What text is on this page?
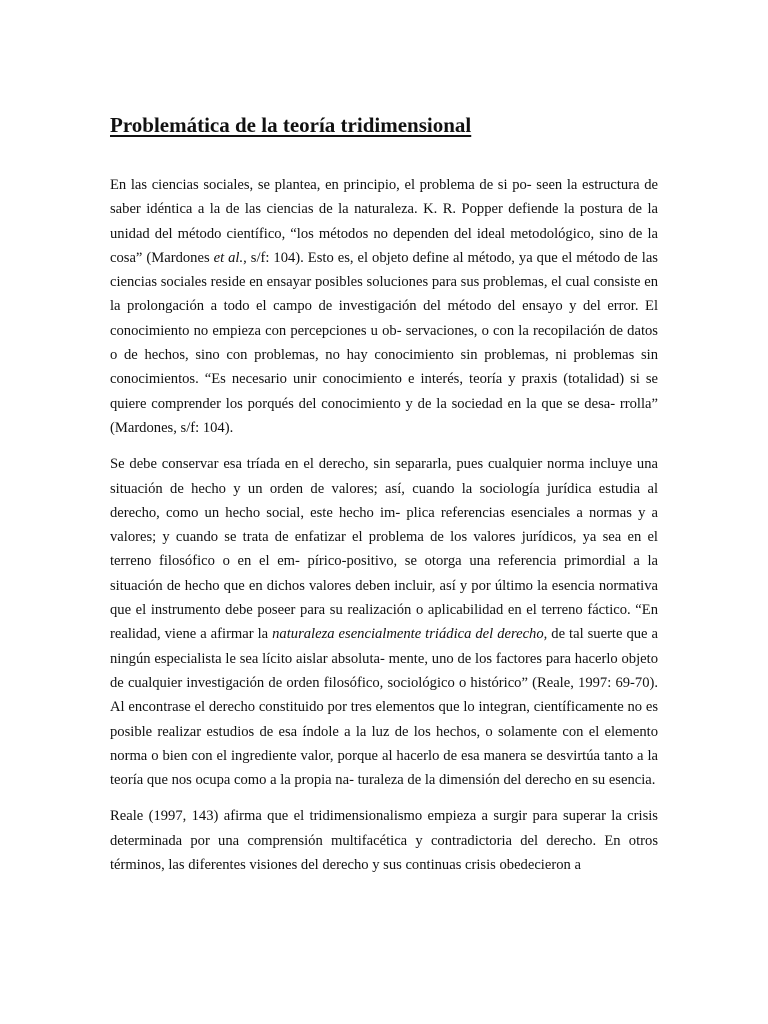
Problemática de la teoría tridimensional

En las ciencias sociales, se plantea, en principio, el problema de si po- seen la estructura de saber idéntica a la de las ciencias de la naturaleza. K. R. Popper defiende la postura de la unidad del método científico, “los métodos no dependen del ideal metodológico, sino de la cosa” (Mardones et al., s/f: 104). Esto es, el objeto define al método, ya que el método de las ciencias sociales reside en ensayar posibles soluciones para sus problemas, el cual consiste en la prolongación a todo el campo de investigación del método del ensayo y del error. El conocimiento no empieza con percepciones u ob- servaciones, o con la recopilación de datos o de hechos, sino con problemas, no hay conocimiento sin problemas, ni problemas sin conocimientos. “Es necesario unir conocimiento e interés, teoría y praxis (totalidad) si se quiere comprender los porqués del conocimiento y de la sociedad en la que se desa- rrolla” (Mardones, s/f: 104).

Se debe conservar esa tríada en el derecho, sin separarla, pues cualquier norma incluye una situación de hecho y un orden de valores; así, cuando la sociología jurídica estudia al derecho, como un hecho social, este hecho im- plica referencias esenciales a normas y a valores; y cuando se trata de enfatizar el problema de los valores jurídicos, ya sea en el terreno filosófico o en el em- pírico-positivo, se otorga una referencia primordial a la situación de hecho que en dichos valores deben incluir, así y por último la esencia normativa que el instrumento debe poseer para su realización o aplicabilidad en el terreno fáctico. “En realidad, viene a afirmar la naturaleza esencialmente triádica del derecho, de tal suerte que a ningún especialista le sea lícito aislar absoluta- mente, uno de los factores para hacerlo objeto de cualquier investigación de orden filosófico, sociológico o histórico” (Reale, 1997: 69-70). Al encontrase el derecho constituido por tres elementos que lo integran, científicamente no es posible realizar estudios de esa índole a la luz de los hechos, o solamente con el elemento norma o bien con el ingrediente valor, porque al hacerlo de esa manera se desvirtúa tanto a la teoría que nos ocupa como a la propia na- turaleza de la dimensión del derecho en su esencia.

Reale (1997, 143) afirma que el tridimensionalismo empieza a surgir para superar la crisis determinada por una comprensión multifacética y contradictoria del derecho. En otros términos, las diferentes visiones del derecho y sus continuas crisis obedecieron a
